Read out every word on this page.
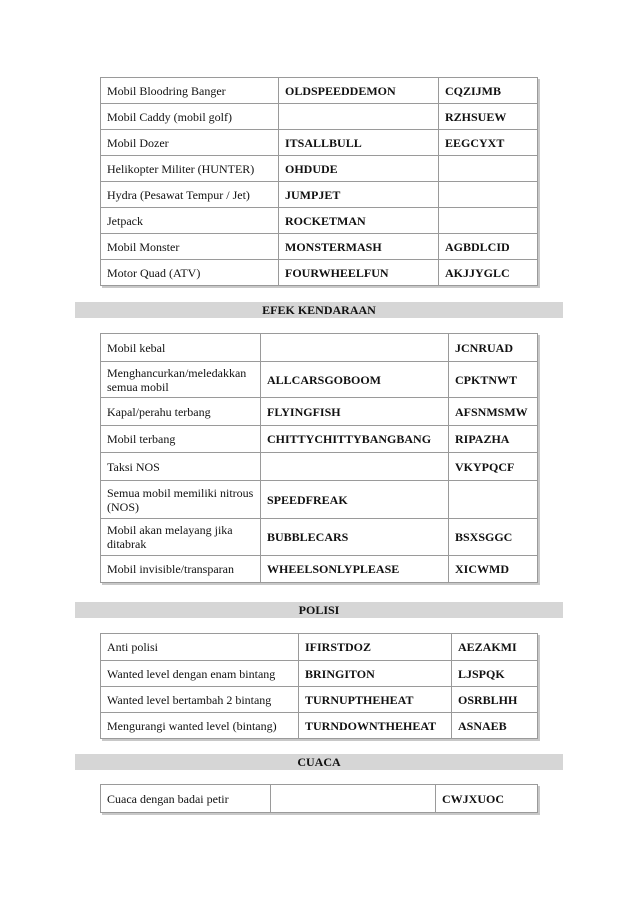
Mobil Bloodring Banger	OLDSPEEDDEMON	CQZIJMB
Mobil Caddy (mobil golf)		RZHSUEW
Mobil Dozer	ITSALLBULL	EEGCYXT
Helikopter Militer (HUNTER)	OHDUDE	
Hydra (Pesawat Tempur / Jet)	JUMPJET	
Jetpack	ROCKETMAN	
Mobil Monster	MONSTERMASH	AGBDLCID
Motor Quad (ATV)	FOURWHEELFUN	AKJJYGLC
EFEK KENDARAAN
Mobil kebal		JCNRUAD
Menghancurkan/meledakkan semua mobil	ALLCARSGOBOOM	CPKTNWT
Kapal/perahu terbang	FLYINGFISH	AFSNMSMW
Mobil terbang	CHITTYCHITTYBANGBANG	RIPAZHA
Taksi NOS		VKYPQCF
Semua mobil memiliki nitrous (NOS)	SPEEDFREAK	
Mobil akan melayang jika ditabrak	BUBBLECARS	BSXSGGC
Mobil invisible/transparan	WHEELSONLYPLEASE	XICWMD
POLISI
Anti polisi	IFIRSTDOZ	AEZAKMI
Wanted level dengan enam bintang	BRINGITON	LJSPQK
Wanted level bertambah 2 bintang	TURNUPTHEHEAT	OSRBLHH
Mengurangi wanted level (bintang)	TURNDOWNTHEHEAT	ASNAEB
CUACA
Cuaca dengan badai petir		CWJXUOC
